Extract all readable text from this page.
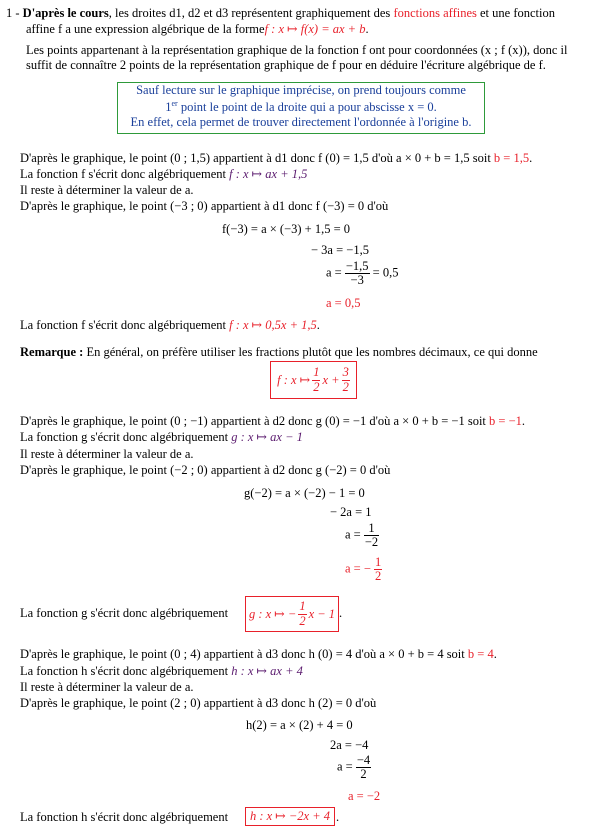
1 - D'après le cours, les droites d1, d2 et d3 représentent graphiquement des fonctions affines et une fonction
affine f a une expression algébrique de la formef : x ↦ f(x) = ax + b.
Les points appartenant à la représentation graphique de la fonction f ont pour coordonnées (x ; f (x)), donc il
suffit de connaître 2 points de la représentation graphique de f pour en déduire l'écriture algébrique de f.
Sauf lecture sur le graphique imprécise, on prend toujours comme
1er point le point de la droite qui a pour abscisse x = 0.
En effet, cela permet de trouver directement l'ordonnée à l'origine b.
D'après le graphique, le point (0 ; 1,5) appartient à d1 donc f (0) = 1,5 d'où a × 0 + b = 1,5 soit b = 1,5.
La fonction f s'écrit donc algébriquement f : x ↦ ax + 1,5
Il reste à déterminer la valeur de a.
D'après le graphique, le point (−3 ; 0) appartient à d1 donc f (−3) = 0 d'où
f(−3) = a × (−3) + 1,5 = 0
− 3a = −1,5
$a = \frac{-1,5}{-3} = 0,5$
a = 0,5
La fonction f s'écrit donc algébriquement f : x ↦ 0,5x + 1,5.
Remarque : En général, on préfère utiliser les fractions plutôt que les nombres décimaux, ce qui donne
f : x ↦ $\frac{1}{2}$ $x + \frac{3}{2}$
D'après le graphique, le point (0 ; −1) appartient à d2 donc g (0) = −1 d'où a × 0 + b = −1 soit b = −1.
La fonction g s'écrit donc algébriquement g : x ↦ ax − 1
Il reste à déterminer la valeur de a.
D'après le graphique, le point (−2 ; 0) appartient à d2 donc g (−2) = 0 d'où
g(−2) = a × (−2) − 1 = 0
− 2a = 1
$a = \frac{1}{-2}$
a = − $\frac{1}{2}$
La fonction g s'écrit donc algébriquement g : x ↦ − $\frac{1}{2}$ x − 1 .
D'après le graphique, le point (0 ; 4) appartient à d3 donc h (0) = 4 d'où a × 0 + b = 4 soit b = 4.
La fonction h s'écrit donc algébriquement h : x ↦ ax + 4
Il reste à déterminer la valeur de a.
D'après le graphique, le point (2 ; 0) appartient à d3 donc h (2) = 0 d'où
h(2) = a × (2) + 4 = 0
2a = −4
$a = \frac{-4}{2}$
a = −2
La fonction h s'écrit donc algébriquement h : x ↦ −2x + 4 .
